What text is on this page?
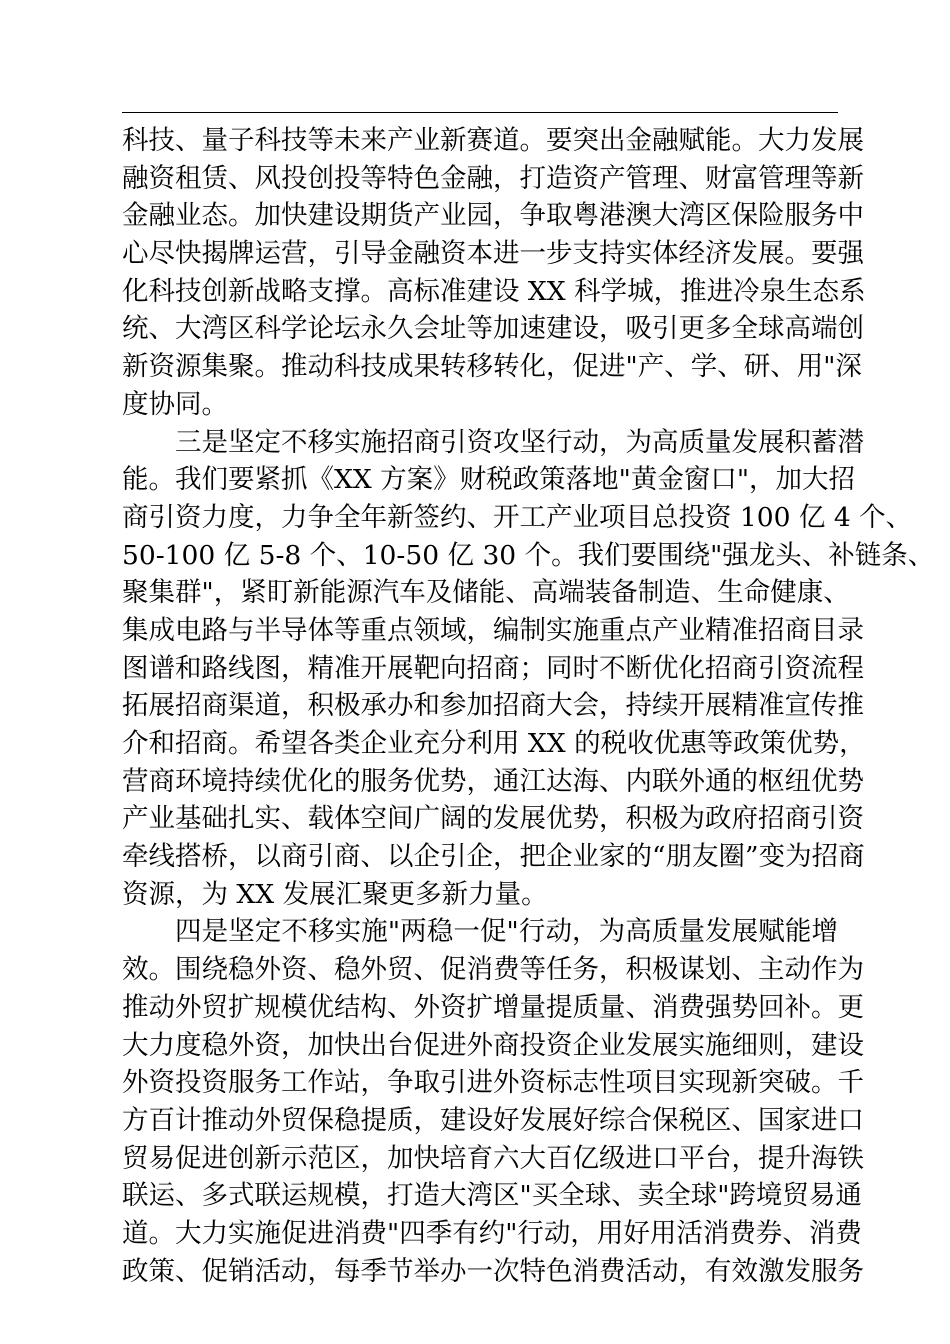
科技、量子科技等未来产业新赛道。要突出金融赋能。大力发展
融资租赁、风投创投等特色金融，打造资产管理、财富管理等新
金融业态。加快建设期货产业园，争取粤港澳大湾区保险服务中
心尽快揭牌运营，引导金融资本进一步支持实体经济发展。要强
化科技创新战略支撑。高标准建设 XX 科学城，推进冷泉生态系
统、大湾区科学论坛永久会址等加速建设，吸引更多全球高端创
新资源集聚。推动科技成果转移转化，促进"产、学、研、用"深
度协同。
三是坚定不移实施招商引资攻坚行动，为高质量发展积蓄潜
能。我们要紧抓《XX 方案》财税政策落地"黄金窗口"，加大招
商引资力度，力争全年新签约、开工产业项目总投资 100 亿 4 个、
50-100 亿 5-8 个、10-50 亿 30 个。我们要围绕"强龙头、补链条、
聚集群"，紧盯新能源汽车及储能、高端装备制造、生命健康、
集成电路与半导体等重点领域，编制实施重点产业精准招商目录
图谱和路线图，精准开展靶向招商；同时不断优化招商引资流程
拓展招商渠道，积极承办和参加招商大会，持续开展精准宣传推
介和招商。希望各类企业充分利用 XX 的税收优惠等政策优势，
营商环境持续优化的服务优势，通江达海、内联外通的枢纽优势
产业基础扎实、载体空间广阔的发展优势，积极为政府招商引资
牵线搭桥，以商引商、以企引企，把企业家的“朋友圈”变为招商
资源，为 XX 发展汇聚更多新力量。
四是坚定不移实施"两稳一促"行动，为高质量发展赋能增
效。围绕稳外资、稳外贸、促消费等任务，积极谋划、主动作为
推动外贸扩规模优结构、外资扩增量提质量、消费强势回补。更
大力度稳外资，加快出台促进外商投资企业发展实施细则，建设
外资投资服务工作站，争取引进外资标志性项目实现新突破。千
方百计推动外贸保稳提质，建设好发展好综合保税区、国家进口
贸易促进创新示范区，加快培育六大百亿级进口平台，提升海铁
联运、多式联运规模，打造大湾区"买全球、卖全球"跨境贸易通
道。大力实施促进消费"四季有约"行动，用好用活消费券、消费
政策、促销活动，每季节举办一次特色消费活动，有效激发服务
